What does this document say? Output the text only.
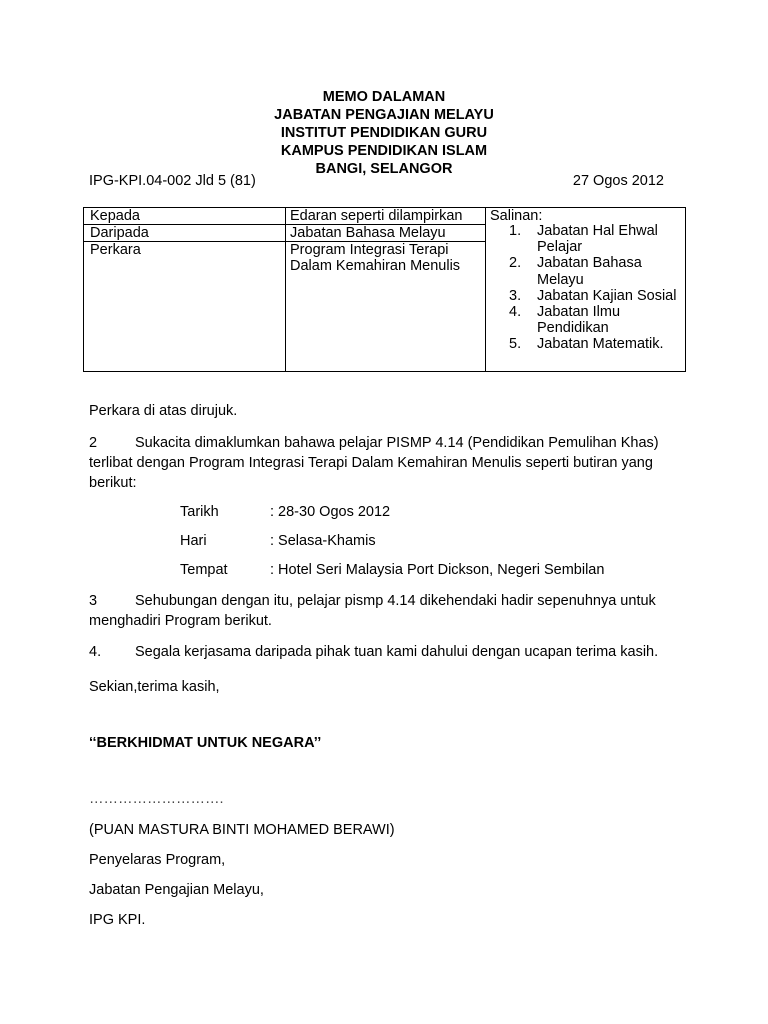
MEMO DALAMAN
JABATAN PENGAJIAN MELAYU
INSTITUT PENDIDIKAN GURU
KAMPUS PENDIDIKAN ISLAM
BANGI, SELANGOR
IPG-KPI.04-002 Jld 5 (81)	27 Ogos 2012
Kepada	Edaran seperti dilampirkan
Daripada	Jabatan Bahasa Melayu
Perkara	Program Integrasi Terapi
Dalam Kemahiran Menulis
Salinan:
1. Jabatan Hal Ehwal
Pelajar
2. Jabatan Bahasa
Melayu
3. Jabatan Kajian Sosial
4. Jabatan Ilmu
Pendidikan
5. Jabatan Matematik.
Perkara di atas dirujuk.
2	Sukacita dimaklumkan bahawa pelajar PISMP 4.14 (Pendidikan Pemulihan Khas)
terlibat dengan Program Integrasi Terapi Dalam Kemahiran Menulis seperti butiran yang
berikut:
Tarikh	: 28-30 Ogos 2012
Hari	: Selasa-Khamis
Tempat	: Hotel Seri Malaysia Port Dickson, Negeri Sembilan
3	Sehubungan dengan itu, pelajar pismp 4.14 dikehendaki hadir sepenuhnya untuk
menghadiri Program berikut.
4. Segala kerjasama daripada pihak tuan kami dahului dengan ucapan terima kasih.
Sekian,terima kasih,
‘‘BERKHIDMAT UNTUK NEGARA’’
……………………….
(PUAN MASTURA BINTI MOHAMED BERAWI)
Penyelaras Program,
Jabatan Pengajian Melayu,
IPG KPI.
